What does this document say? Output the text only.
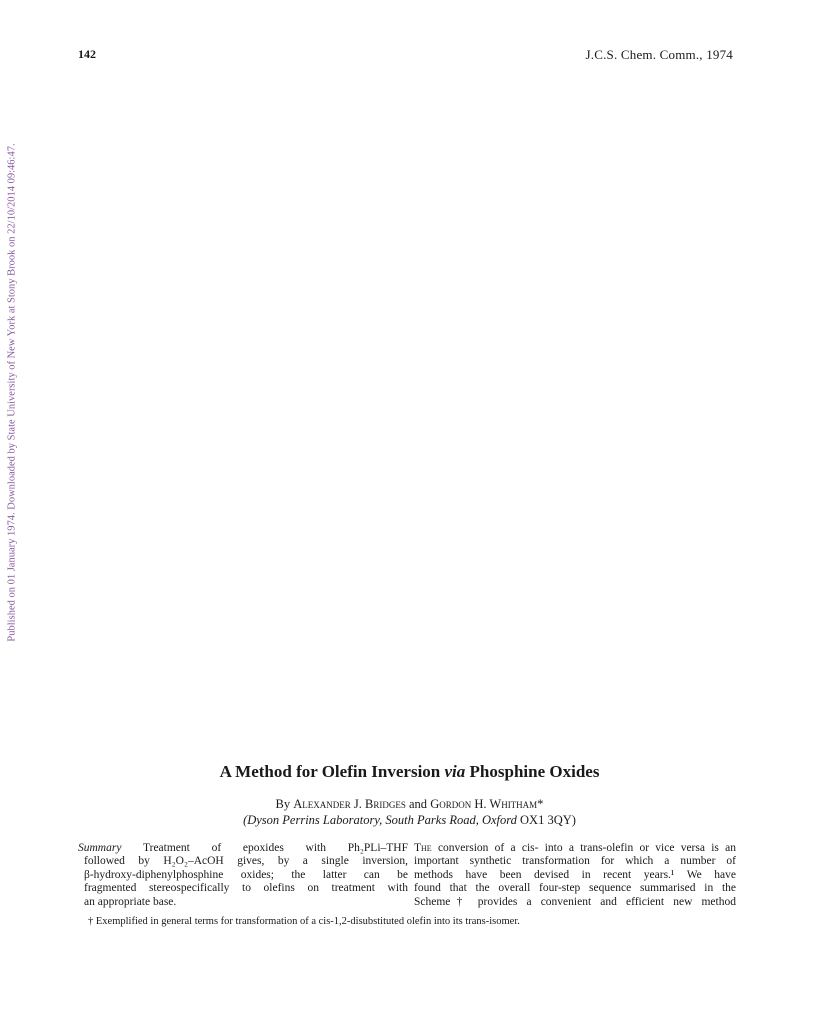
142	J.C.S. Chem. Comm., 1974
Published on 01 January 1974. Downloaded by State University of New York at Stony Brook on 22/10/2014 09:46:47.
A Method for Olefin Inversion via Phosphine Oxides
By Alexander J. Bridges and Gordon H. Whitham*
(Dyson Perrins Laboratory, South Parks Road, Oxford OX1 3QY)
Summary Treatment of epoxides with Ph₂PLi–THF
followed by H₂O₂–AcOH gives, by a single inversion,
β-hydroxy-diphenylphosphine oxides; the latter can be
fragmented stereospecifically to olefins on treatment with
an appropriate base.
The conversion of a cis- into a trans-olefin or vice versa is an
important synthetic transformation for which a number of
methods have been devised in recent years.¹ We have
found that the overall four-step sequence summarised in the
Scheme† provides a convenient and efficient new method
† Exemplified in general terms for transformation of a cis-1,2-disubstituted olefin into its trans-isomer.
